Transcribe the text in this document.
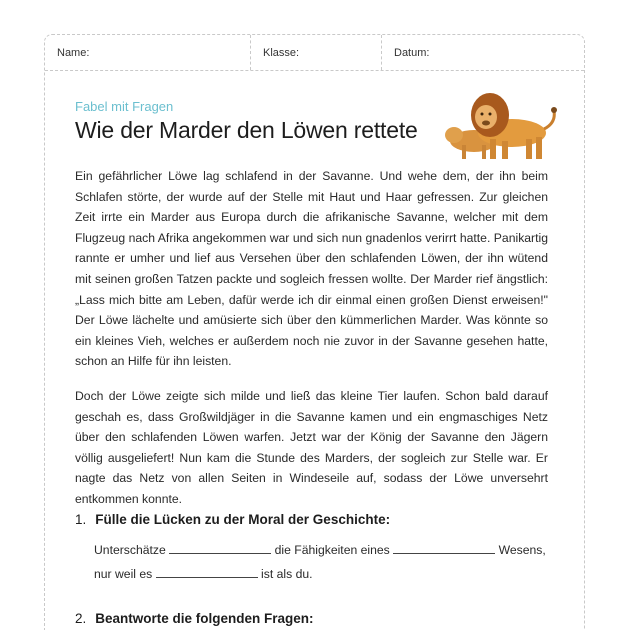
Name:	Klasse:	Datum:
Fabel mit Fragen
Wie der Marder den Löwen rettete

Ein gefährlicher Löwe lag schlafend in der Savanne. Und wehe dem, der ihn beim Schlafen störte, der wurde auf der Stelle mit Haut und Haar gefressen. Zur gleichen Zeit irrte ein Marder aus Europa durch die afrikanische Savanne, welcher mit dem Flugzeug nach Afrika angekommen war und sich nun gnadenlos verirrt hatte. Panikartig rannte er umher und lief aus Versehen über den schlafenden Löwen, der ihn wütend mit seinen großen Tatzen packte und sogleich fressen wollte. Der Marder rief ängstlich: „Lass mich bitte am Leben, dafür werde ich dir einmal einen großen Dienst erweisen!" Der Löwe lächelte und amüsierte sich über den kümmerlichen Marder. Was könnte so ein kleines Vieh, welches er außerdem noch nie zuvor in der Savanne gesehen hatte, schon an Hilfe für ihn leisten.

Doch der Löwe zeigte sich milde und ließ das kleine Tier laufen. Schon bald darauf geschah es, dass Großwildjäger in die Savanne kamen und ein engmaschiges Netz über den schlafenden Löwen warfen. Jetzt war der König der Savanne den Jägern völlig ausgeliefert! Nun kam die Stunde des Marders, der sogleich zur Stelle war. Er nagte das Netz von allen Seiten in Windeseile auf, sodass der Löwe unversehrt entkommen konnte.

1. Fülle die Lücken zu der Moral der Geschichte:
Unterschätze	die Fähigkeiten eines	Wesens,
nur weil es	ist als du.
2. Beantworte die folgenden Fragen:
